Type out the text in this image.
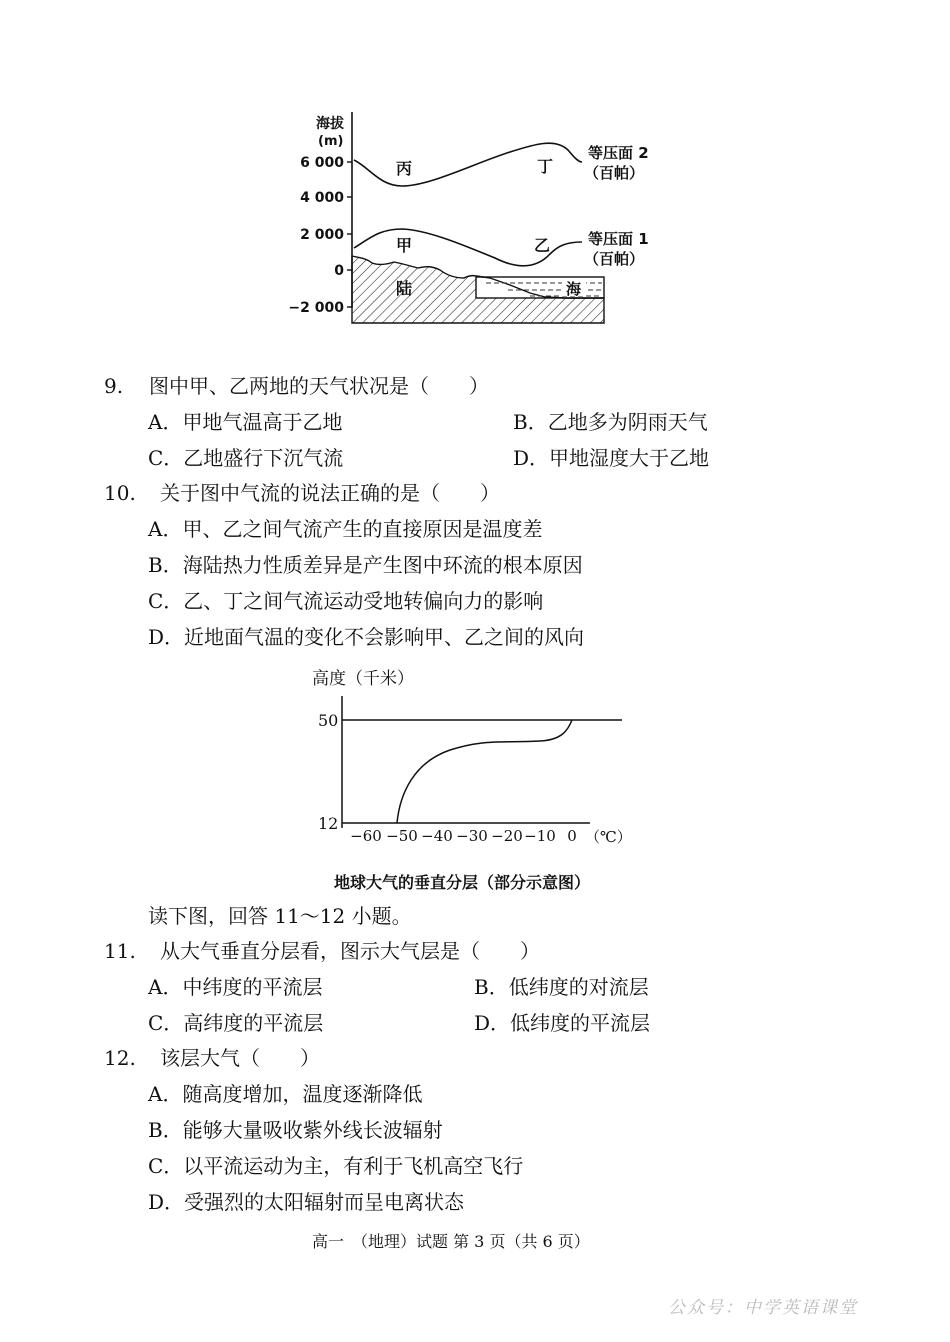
海拔
(m)
6 000
4 000
2 000
0
−2 000
丙	丁
甲	乙
陆	海
等压面 2
（百帕）
等压面 1
（百帕）
9. 图中甲、乙两地的天气状况是（　　）
A．甲地气温高于乙地	B．乙地多为阴雨天气
C．乙地盛行下沉气流	D．甲地湿度大于乙地
10. 关于图中气流的说法正确的是（　　）
A．甲、乙之间气流产生的直接原因是温度差
B．海陆热力性质差异是产生图中环流的根本原因
C．乙、丁之间气流运动受地转偏向力的影响
D．近地面气温的变化不会影响甲、乙之间的风向
高度（千米）
50
12
−60 −50 −40 −30 −20 −10 0 （℃）
地球大气的垂直分层（部分示意图）
读下图，回答 11～12 小题。
11. 从大气垂直分层看，图示大气层是（　　）
A．中纬度的平流层	B．低纬度的对流层
C．高纬度的平流层	D．低纬度的平流层
12. 该层大气（　　）
A．随高度增加，温度逐渐降低
B．能够大量吸收紫外线长波辐射
C．以平流运动为主，有利于飞机高空飞行
D．受强烈的太阳辐射而呈电离状态
高一　（地理）试题 第 3 页（共 6 页）
公众号：中学英语课堂
